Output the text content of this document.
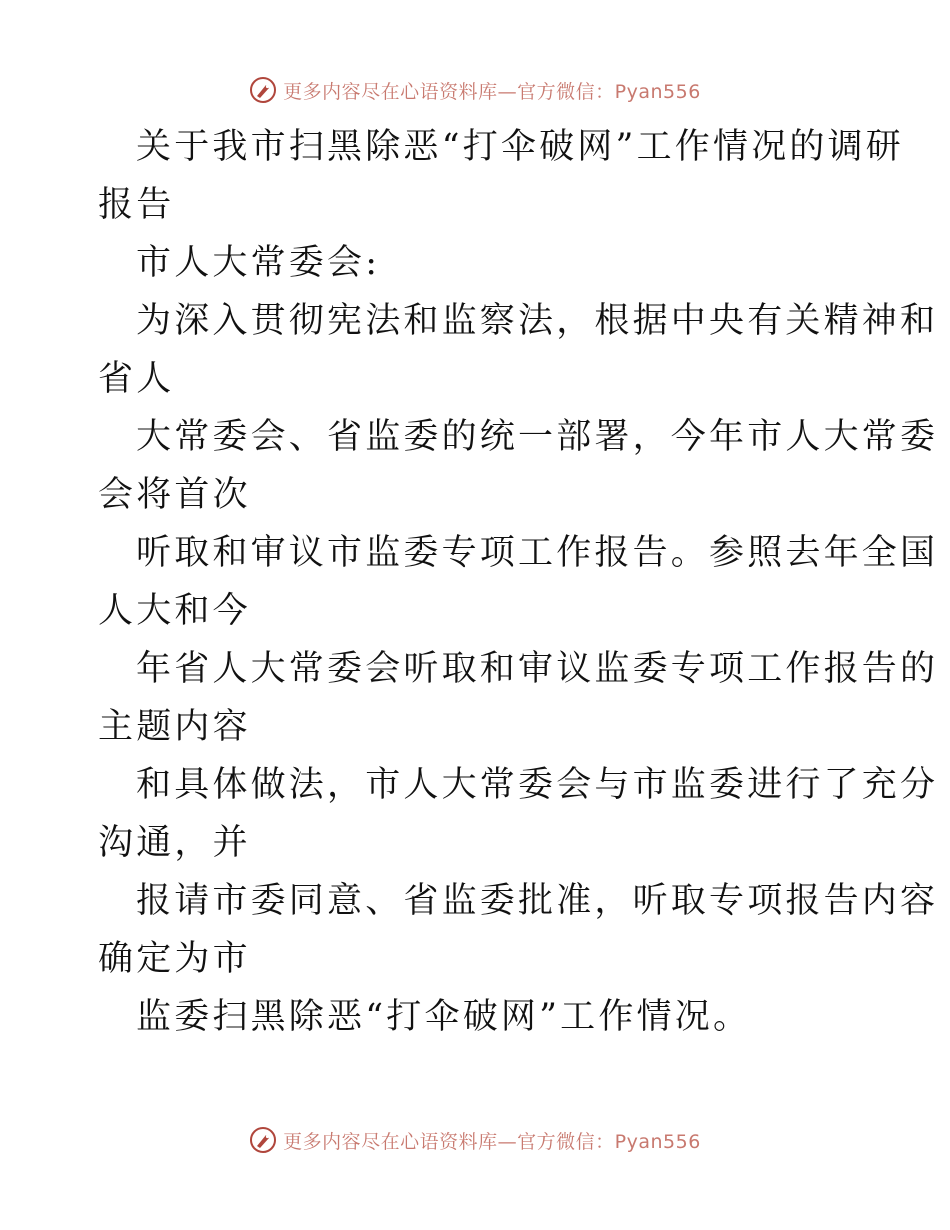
更多内容尽在心语资料库—官方微信：Pyan556
关于我市扫黑除恶“打伞破网”工作情况的调研
报告
市人大常委会:
为深入贯彻宪法和监察法，根据中央有关精神和
省人
大常委会、省监委的统一部署，今年市人大常委
会将首次
听取和审议市监委专项工作报告。参照去年全国
人大和今
年省人大常委会听取和审议监委专项工作报告的
主题内容
和具体做法，市人大常委会与市监委进行了充分
沟通，并
报请市委同意、省监委批准，听取专项报告内容
确定为市
监委扫黑除恶“打伞破网”工作情况。
更多内容尽在心语资料库—官方微信：Pyan556
